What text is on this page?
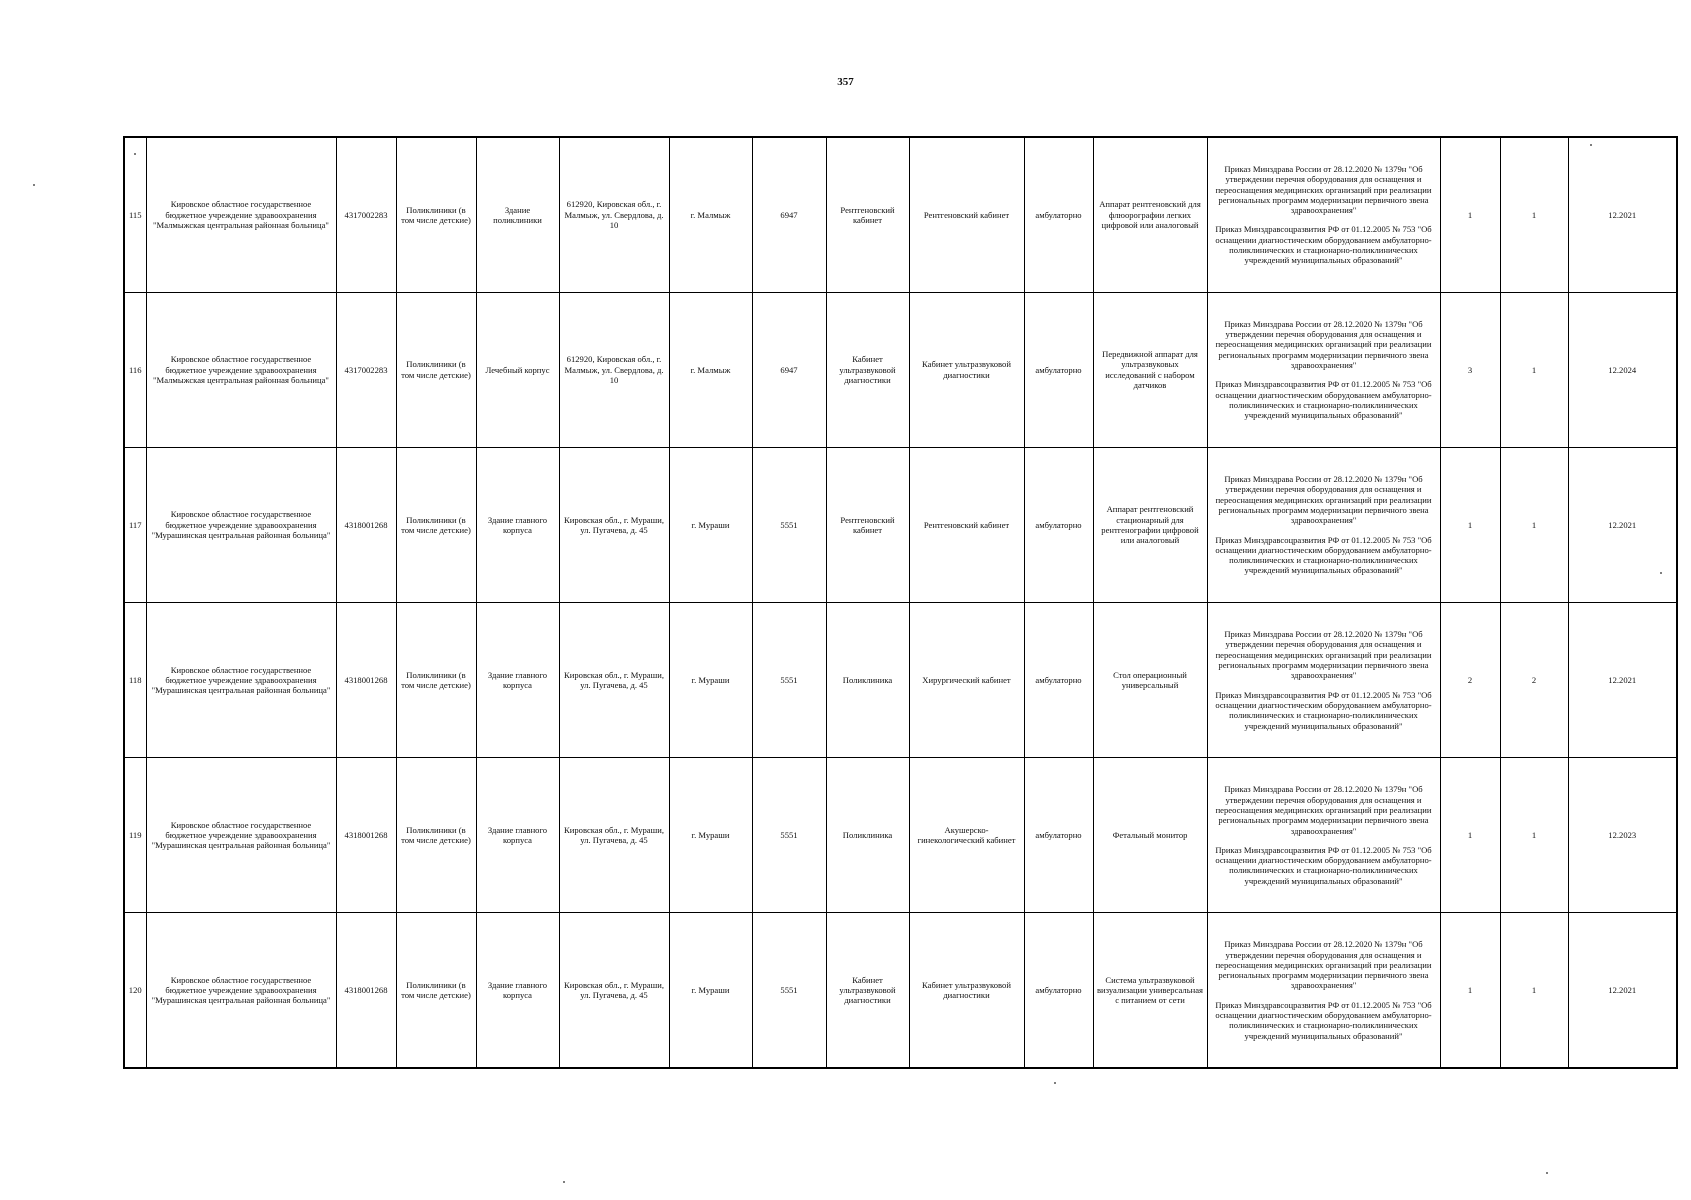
357
115	Кировское областное государственное бюджетное учреждение здравоохранения "Малмыжская центральная районная больница"	4317002283	Поликлиники (в том числе детские)	Здание поликлиники	612920, Кировская обл., г. Малмыж, ул. Свердлова, д. 10	г. Малмыж	6947	Рентгеновский кабинет	Рентгеновский кабинет	амбулаторно	Аппарат рентгеновский для флюорографии легких цифровой или аналоговый	Приказ Минздрава России от 28.12.2020 № 1379н "Об утверждении перечня оборудования для оснащения и переоснащения медицинских организаций при реализации региональных программ модернизации первичного звена здравоохранения"

Приказ Минздравсоцразвития РФ от 01.12.2005 № 753 "Об оснащении диагностическим оборудованием амбулаторно-поликлинических и стационарно-поликлинических учреждений муниципальных образований"	1	1	12.2021
116	Кировское областное государственное бюджетное учреждение здравоохранения "Малмыжская центральная районная больница"	4317002283	Поликлиники (в том числе детские)	Лечебный корпус	612920, Кировская обл., г. Малмыж, ул. Свердлова, д. 10	г. Малмыж	6947	Кабинет ультразвуковой диагностики	Кабинет ультразвуковой диагностики	амбулаторно	Передвижной аппарат для ультразвуковых исследований с набором датчиков	Приказ Минздрава России от 28.12.2020 № 1379н "Об утверждении перечня оборудования для оснащения и переоснащения медицинских организаций при реализации региональных программ модернизации первичного звена здравоохранения"

Приказ Минздравсоцразвития РФ от 01.12.2005 № 753 "Об оснащении диагностическим оборудованием амбулаторно-поликлинических и стационарно-поликлинических учреждений муниципальных образований"	3	1	12.2024
117	Кировское областное государственное бюджетное учреждение здравоохранения "Мурашинская центральная районная больница"	4318001268	Поликлиники (в том числе детские)	Здание главного корпуса	Кировская обл., г. Мураши, ул. Пугачева, д. 45	г. Мураши	5551	Рентгеновский кабинет	Рентгеновский кабинет	амбулаторно	Аппарат рентгеновский стационарный для рентгенографии цифровой или аналоговый	Приказ Минздрава России от 28.12.2020 № 1379н "Об утверждении перечня оборудования для оснащения и переоснащения медицинских организаций при реализации региональных программ модернизации первичного звена здравоохранения"

Приказ Минздравсоцразвития РФ от 01.12.2005 № 753 "Об оснащении диагностическим оборудованием амбулаторно-поликлинических и стационарно-поликлинических учреждений муниципальных образований"	1	1	12.2021
118	Кировское областное государственное бюджетное учреждение здравоохранения "Мурашинская центральная районная больница"	4318001268	Поликлиники (в том числе детские)	Здание главного корпуса	Кировская обл., г. Мураши, ул. Пугачева, д. 45	г. Мураши	5551	Поликлиника	Хирургический кабинет	амбулаторно	Стол операционный универсальный	Приказ Минздрава России от 28.12.2020 № 1379н "Об утверждении перечня оборудования для оснащения и переоснащения медицинских организаций при реализации региональных программ модернизации первичного звена здравоохранения"

Приказ Минздравсоцразвития РФ от 01.12.2005 № 753 "Об оснащении диагностическим оборудованием амбулаторно-поликлинических и стационарно-поликлинических учреждений муниципальных образований"	2	2	12.2021
119	Кировское областное государственное бюджетное учреждение здравоохранения "Мурашинская центральная районная больница"	4318001268	Поликлиники (в том числе детские)	Здание главного корпуса	Кировская обл., г. Мураши, ул. Пугачева, д. 45	г. Мураши	5551	Поликлиника	Акушерско-гинекологический кабинет	амбулаторно	Фетальный монитор	Приказ Минздрава России от 28.12.2020 № 1379н "Об утверждении перечня оборудования для оснащения и переоснащения медицинских организаций при реализации региональных программ модернизации первичного звена здравоохранения"

Приказ Минздравсоцразвития РФ от 01.12.2005 № 753 "Об оснащении диагностическим оборудованием амбулаторно-поликлинических и стационарно-поликлинических учреждений муниципальных образований"	1	1	12.2023
120	Кировское областное государственное бюджетное учреждение здравоохранения "Мурашинская центральная районная больница"	4318001268	Поликлиники (в том числе детские)	Здание главного корпуса	Кировская обл., г. Мураши, ул. Пугачева, д. 45	г. Мураши	5551	Кабинет ультразвуковой диагностики	Кабинет ультразвуковой диагностики	амбулаторно	Система ультразвуковой визуализации универсальная с питанием от сети	Приказ Минздрава России от 28.12.2020 № 1379н "Об утверждении перечня оборудования для оснащения и переоснащения медицинских организаций при реализации региональных программ модернизации первичного звена здравоохранения"

Приказ Минздравсоцразвития РФ от 01.12.2005 № 753 "Об оснащении диагностическим оборудованием амбулаторно-поликлинических и стационарно-поликлинических учреждений муниципальных образований"	1	1	12.2021
